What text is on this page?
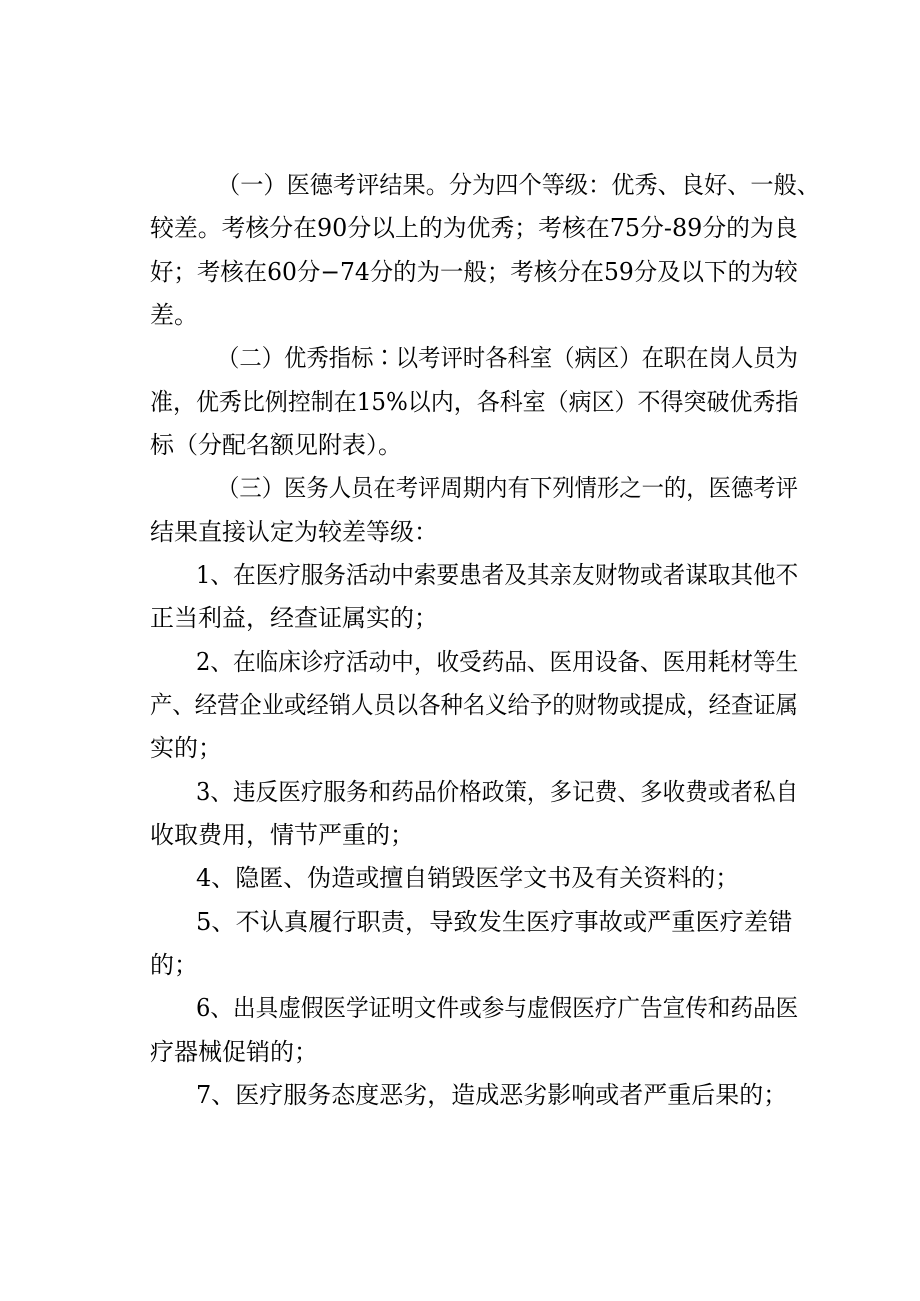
（一）医德考评结果。分为四个等级：优秀、良好、一般、
较差。考核分在90分以上的为优秀；考核在75分-89分的为良
好；考核在60分−74分的为一般；考核分在59分及以下的为较
差。
（二）优秀指标∶以考评时各科室（病区）在职在岗人员为
准，优秀比例控制在15%以内，各科室（病区）不得突破优秀指
标（分配名额见附表）。
（三）医务人员在考评周期内有下列情形之一的，医德考评
结果直接认定为较差等级：
1、在医疗服务活动中索要患者及其亲友财物或者谋取其他不
正当利益，经查证属实的；
2、在临床诊疗活动中，收受药品、医用设备、医用耗材等生
产、经营企业或经销人员以各种名义给予的财物或提成，经查证属
实的；
3、违反医疗服务和药品价格政策，多记费、多收费或者私自
收取费用，情节严重的；
4、隐匿、伪造或擅自销毁医学文书及有关资料的；
5、不认真履行职责，导致发生医疗事故或严重医疗差错
的；
6、出具虚假医学证明文件或参与虚假医疗广告宣传和药品医
疗器械促销的；
7、医疗服务态度恶劣，造成恶劣影响或者严重后果的；
